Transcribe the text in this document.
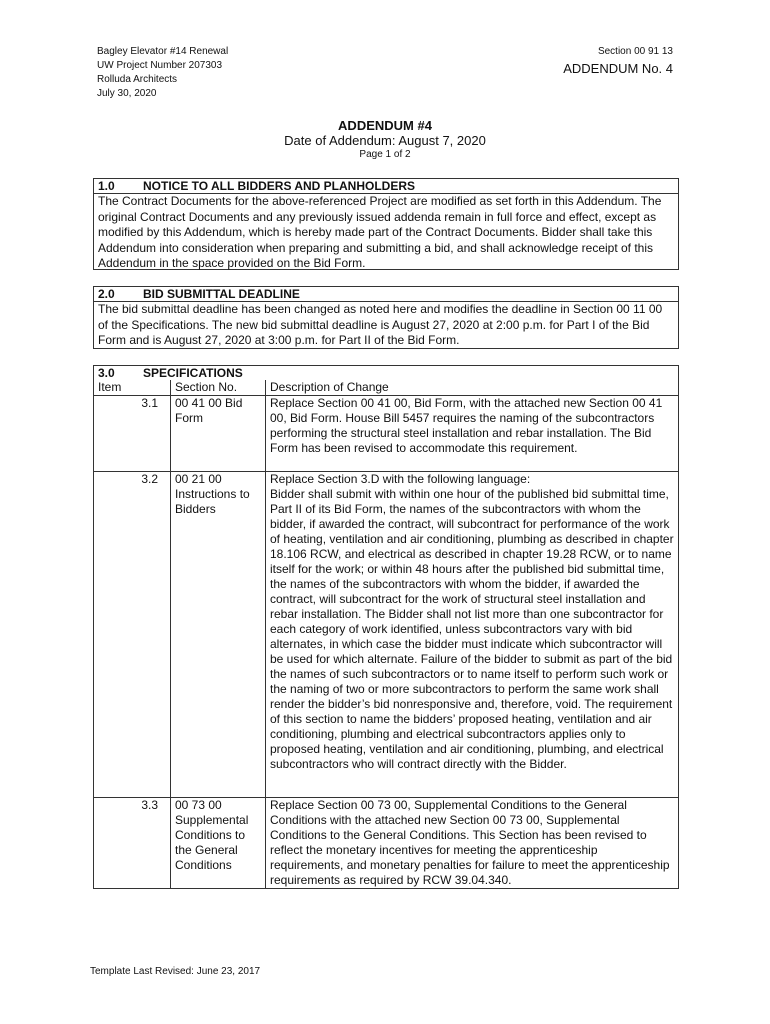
Bagley Elevator #14 Renewal
UW Project Number 207303
Rolluda Architects
July 30, 2020
Section 00 91 13
ADDENDUM No. 4
ADDENDUM #4
Date of Addendum: August 7, 2020
Page 1 of 2
1.0 NOTICE TO ALL BIDDERS AND PLANHOLDERS
The Contract Documents for the above-referenced Project are modified as set forth in this Addendum. The original Contract Documents and any previously issued addenda remain in full force and effect, except as modified by this Addendum, which is hereby made part of the Contract Documents. Bidder shall take this Addendum into consideration when preparing and submitting a bid, and shall acknowledge receipt of this Addendum in the space provided on the Bid Form.
2.0 BID SUBMITTAL DEADLINE
The bid submittal deadline has been changed as noted here and modifies the deadline in Section 00 11 00 of the Specifications. The new bid submittal deadline is August 27, 2020 at 2:00 p.m. for Part I of the Bid Form and is August 27, 2020 at 3:00 p.m. for Part II of the Bid Form.
3.0 SPECIFICATIONS		
Item	Section No.	Description of Change
3.1	00 41 00 Bid Form	Replace Section 00 41 00, Bid Form, with the attached new Section 00 41 00, Bid Form. House Bill 5457 requires the naming of the subcontractors performing the structural steel installation and rebar installation. The Bid Form has been revised to accommodate this requirement.
3.2	00 21 00 Instructions to Bidders	Replace Section 3.D with the following language:
Bidder shall submit with within one hour of the published bid submittal time, Part II of its Bid Form, the names of the subcontractors with whom the bidder, if awarded the contract, will subcontract for performance of the work of heating, ventilation and air conditioning, plumbing as described in chapter 18.106 RCW, and electrical as described in chapter 19.28 RCW, or to name itself for the work; or within 48 hours after the published bid submittal time, the names of the subcontractors with whom the bidder, if awarded the contract, will subcontract for the work of structural steel installation and rebar installation. The Bidder shall not list more than one subcontractor for each category of work identified, unless subcontractors vary with bid alternates, in which case the bidder must indicate which subcontractor will be used for which alternate. Failure of the bidder to submit as part of the bid the names of such subcontractors or to name itself to perform such work or the naming of two or more subcontractors to perform the same work shall render the bidder’s bid nonresponsive and, therefore, void. The requirement of this section to name the bidders’ proposed heating, ventilation and air conditioning, plumbing and electrical subcontractors applies only to proposed heating, ventilation and air conditioning, plumbing, and electrical subcontractors who will contract directly with the Bidder.
3.3	00 73 00 Supplemental Conditions to the General Conditions	Replace Section 00 73 00, Supplemental Conditions to the General Conditions with the attached new Section 00 73 00, Supplemental Conditions to the General Conditions. This Section has been revised to reflect the monetary incentives for meeting the apprenticeship requirements, and monetary penalties for failure to meet the apprenticeship requirements as required by RCW 39.04.340.
Template Last Revised: June 23, 2017
